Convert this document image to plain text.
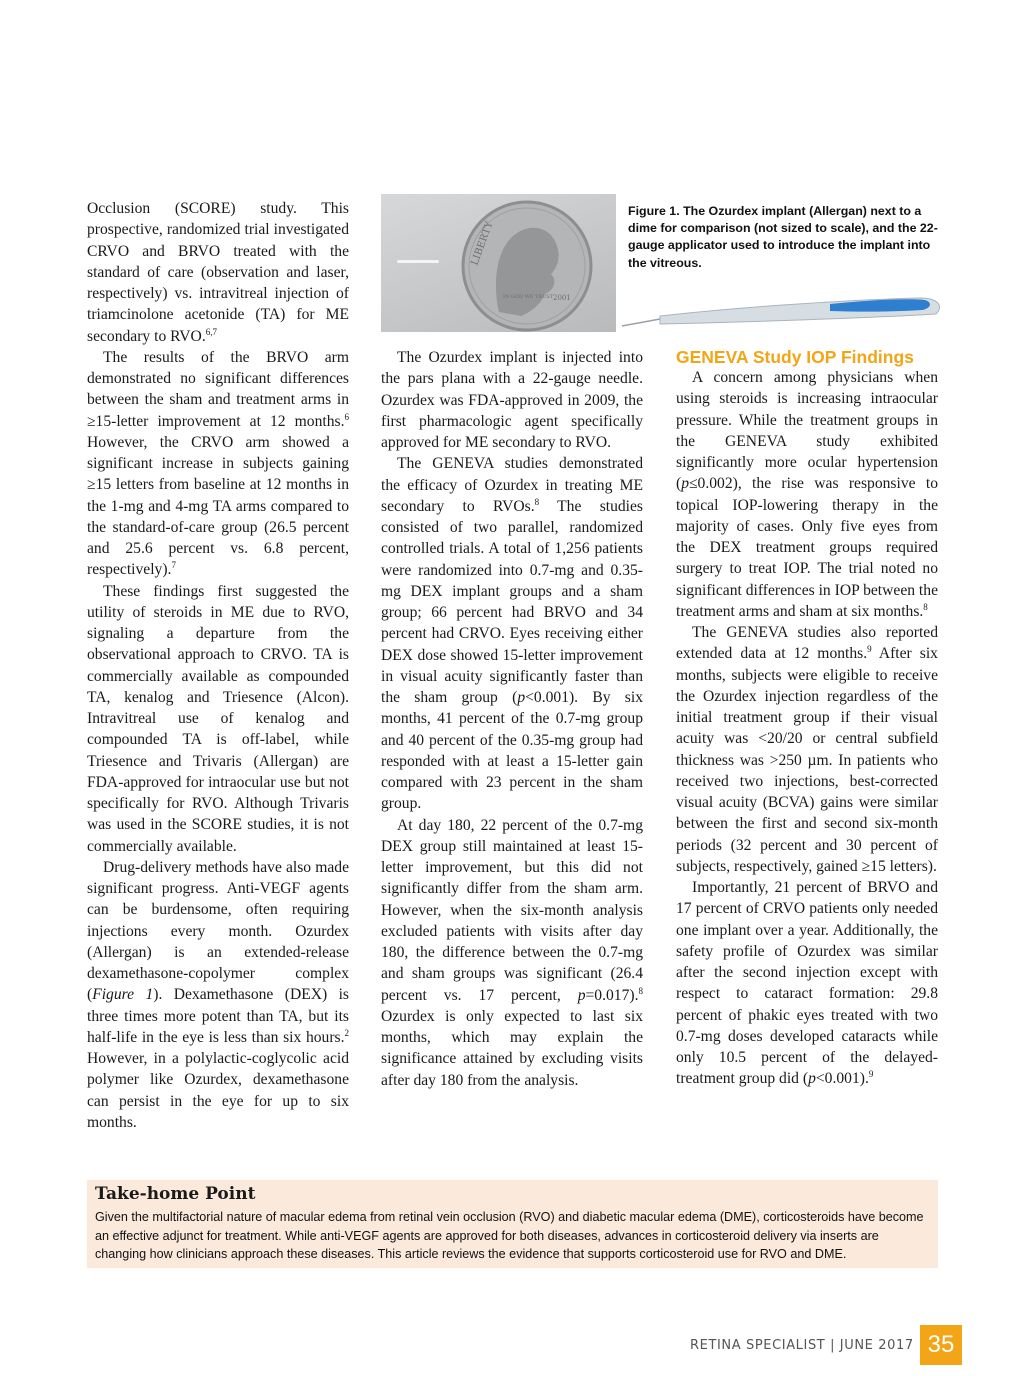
LIBERTY
IN GOD WE TRUST 2001
Figure 1. The Ozurdex implant (Allergan) next to a dime for comparison (not sized to scale), and the 22-gauge applicator used to introduce the implant into the vitreous.

Occlusion (SCORE) study. This prospective, randomized trial investigated CRVO and BRVO treated with the standard of care (observation and laser, respectively) vs. intravitreal injection of triamcinolone acetonide (TA) for ME secondary to RVO.$^{6,7}$

The results of the BRVO arm demonstrated no significant differences between the sham and treatment arms in ≥15-letter improvement at 12 months.$^6$ However, the CRVO arm showed a significant increase in subjects gaining ≥15 letters from baseline at 12 months in the 1-mg and 4-mg TA arms compared to the standard-of-care group (26.5 percent and 25.6 percent vs. 6.8 percent, respectively).$^7$

These findings first suggested the utility of steroids in ME due to RVO, signaling a departure from the observational approach to CRVO. TA is commercially available as compounded TA, kenalog and Triesence (Alcon). Intravitreal use of kenalog and compounded TA is off-label, while Triesence and Trivaris (Allergan) are FDA-approved for intraocular use but not specifically for RVO. Although Trivaris was used in the SCORE studies, it is not commercially available.

Drug-delivery methods have also made significant progress. Anti-VEGF agents can be burdensome, often requiring injections every month. Ozurdex (Allergan) is an extended-release dexamethasone-copolymer complex (Figure 1). Dexamethasone (DEX) is three times more potent than TA, but its half-life in the eye is less than six hours.$^2$ However, in a polylactic-coglycolic acid polymer like Ozurdex, dexamethasone can persist in the eye for up to six months.

The Ozurdex implant is injected into the pars plana with a 22-gauge needle. Ozurdex was FDA-approved in 2009, the first pharmacologic agent specifically approved for ME secondary to RVO.

The GENEVA studies demonstrated the efficacy of Ozurdex in treating ME secondary to RVOs.$^8$ The studies consisted of two parallel, randomized controlled trials. A total of 1,256 patients were randomized into 0.7-mg and 0.35-mg DEX implant groups and a sham group; 66 percent had BRVO and 34 percent had CRVO. Eyes receiving either DEX dose showed 15-letter improvement in visual acuity significantly faster than the sham group (p<0.001). By six months, 41 percent of the 0.7-mg group and 40 percent of the 0.35-mg group had responded with at least a 15-letter gain compared with 23 percent in the sham group.

At day 180, 22 percent of the 0.7-mg DEX group still maintained at least 15-letter improvement, but this did not significantly differ from the sham arm. However, when the six-month analysis excluded patients with visits after day 180, the difference between the 0.7-mg and sham groups was significant (26.4 percent vs. 17 percent, p=0.017).$^8$ Ozurdex is only expected to last six months, which may explain the significance attained by excluding visits after day 180 from the analysis.

GENEVA Study IOP Findings

A concern among physicians when using steroids is increasing intraocular pressure. While the treatment groups in the GENEVA study exhibited significantly more ocular hypertension (p≤0.002), the rise was responsive to topical IOP-lowering therapy in the majority of cases. Only five eyes from the DEX treatment groups required surgery to treat IOP. The trial noted no significant differences in IOP between the treatment arms and sham at six months.$^8$

The GENEVA studies also reported extended data at 12 months.$^9$ After six months, subjects were eligible to receive the Ozurdex injection regardless of the initial treatment group if their visual acuity was <20/20 or central subfield thickness was >250 µm. In patients who received two injections, best-corrected visual acuity (BCVA) gains were similar between the first and second six-month periods (32 percent and 30 percent of subjects, respectively, gained ≥15 letters).

Importantly, 21 percent of BRVO and 17 percent of CRVO patients only needed one implant over a year. Additionally, the safety profile of Ozurdex was similar after the second injection except with respect to cataract formation: 29.8 percent of phakic eyes treated with two 0.7-mg doses developed cataracts while only 10.5 percent of the delayed-treatment group did (p<0.001).$^9$

Take-home Point
Given the multifactorial nature of macular edema from retinal vein occlusion (RVO) and diabetic macular edema (DME), corticosteroids have become an effective adjunct for treatment. While anti-VEGF agents are approved for both diseases, advances in corticosteroid delivery via inserts are changing how clinicians approach these diseases. This article reviews the evidence that supports corticosteroid use for RVO and DME.
RETINA SPECIALIST | JUNE 2017 35
